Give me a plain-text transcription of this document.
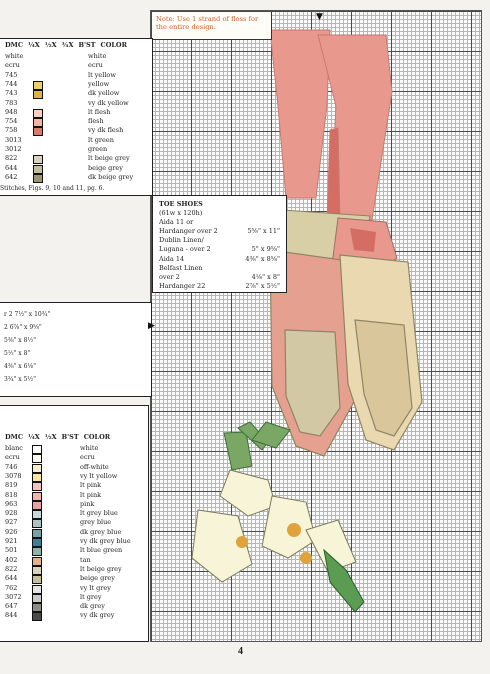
Note: Use 1 strand of floss for the entire design.
DMC ¼X ½X ¾X B'ST COLOR
white	white
ecru	ecru
745	lt yellow
744	yellow
743	dk yellow
783	vy dk yellow
948	lt flesh
754	flesh
758	vy dk flesh
3013	lt green
3012	green
822	lt beige grey
644	beige grey
642	dk beige grey
Stitches, Figs. 9, 10 and 11, pg. 6.
TOE SHOES
(61w x 120h)
Aida 11 or
Hardanger over 2	5⅝" x 11"
Dublin Linen/
Lugana - over 2	5" x 9⅝"
Aida 14	4⅜" x 8⅝"
Belfast Linen
over 2	4⅛" x 8"
Hardanger 22	2⅞" x 5½"
r 2 7½" x 10¾"
2 6⅞" x 9⅝"
5⅜" x 8½"
5½" x 8"
4⅜" x 6⅛"
3¾" x 5½"
DMC ¼X ½X B'ST COLOR
blanc	white
ecru	ecru
746	off-white
3078	vy lt yellow
819	lt pink
818	lt pink
963	pink
928	lt grey blue
927	grey blue
926	dk grey blue
921	vy dk grey blue
501	lt blue green
402	tan
822	lt beige grey
644	beige grey
762	vy lt grey
3072	lt grey
647	dk grey
844	vy dk grey
▼
▶
4
